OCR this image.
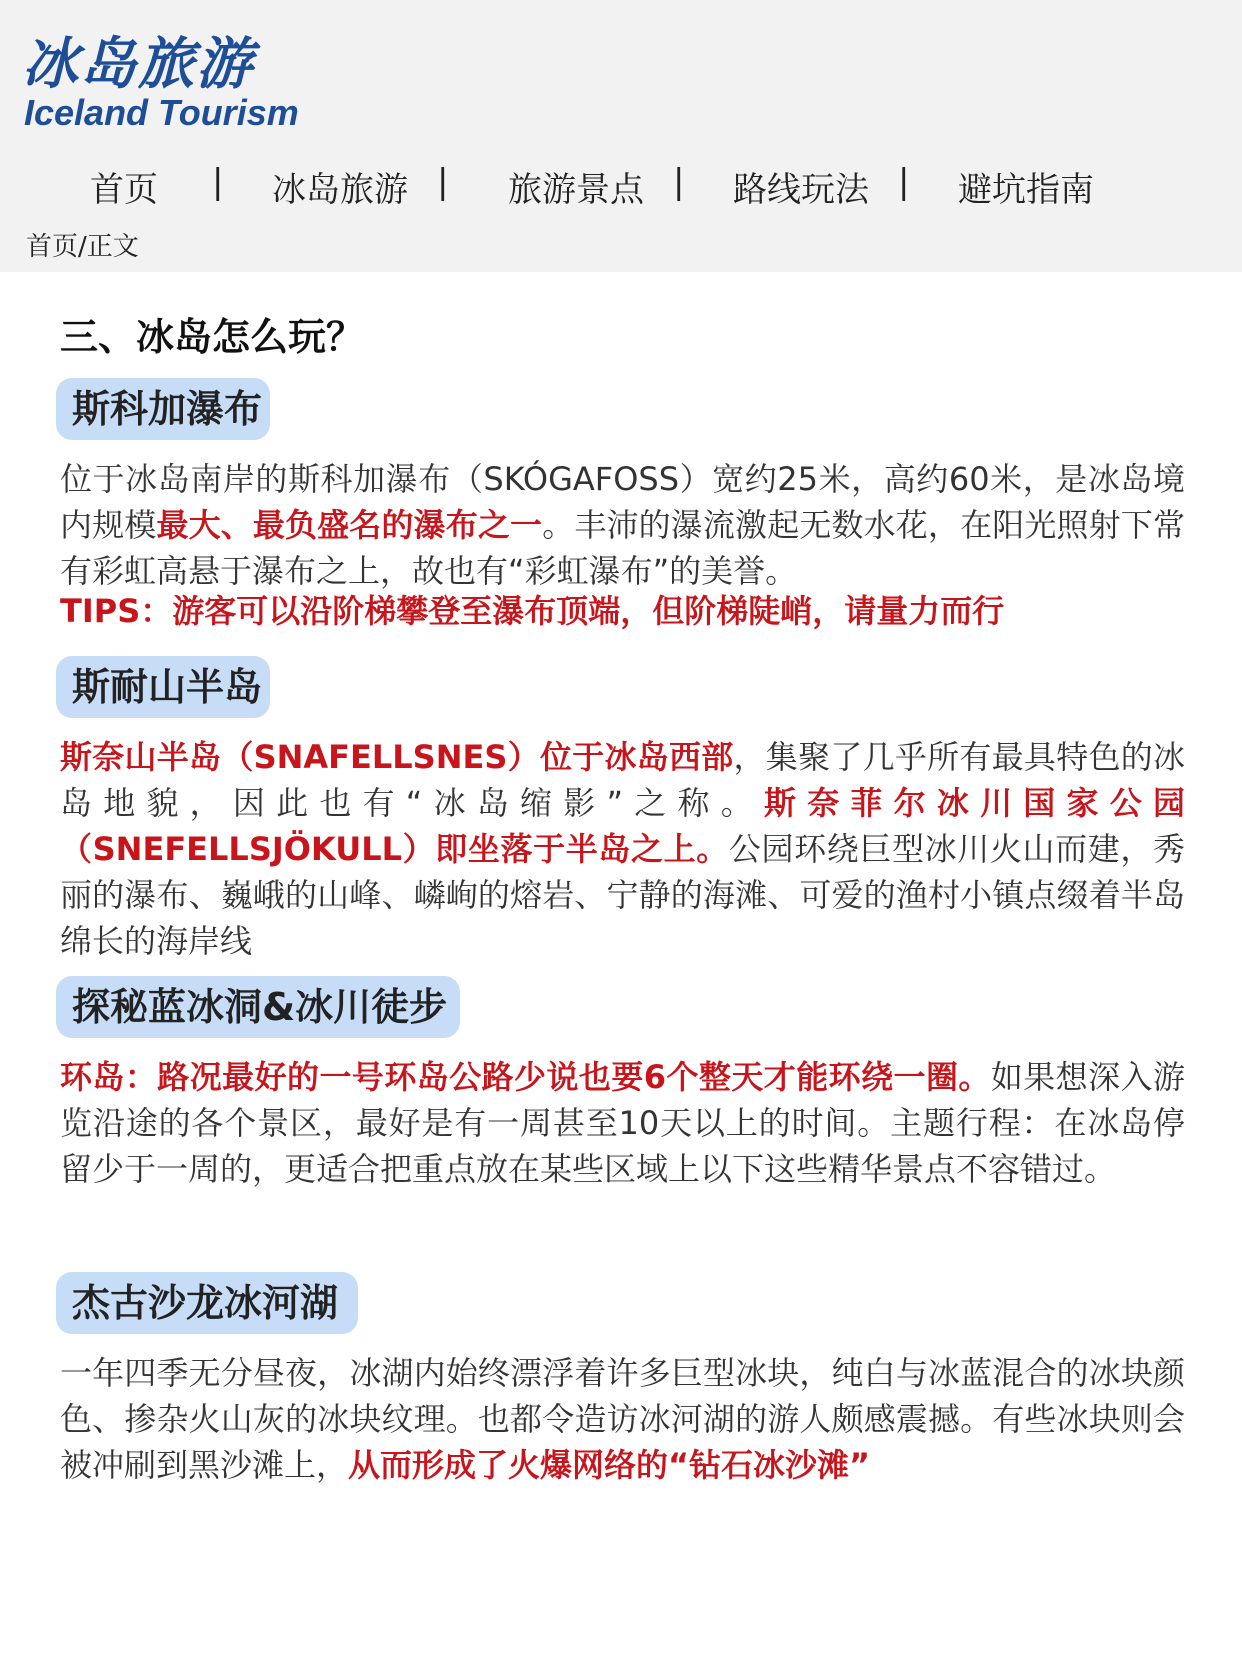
冰岛旅游
Iceland Tourism
首页 | 冰岛旅游 | 旅游景点 | 路线玩法 | 避坑指南
首页/正文
三、冰岛怎么玩？
斯科加瀑布
位于冰岛南岸的斯科加瀑布（SKÓGAFOSS）宽约25米，高约60米，是冰岛境内规模最大、最负盛名的瀑布之一。丰沛的瀑流激起无数水花，在阳光照射下常有彩虹高悬于瀑布之上，故也有“彩虹瀑布”的美誉。
TIPS：游客可以沿阶梯攀登至瀑布顶端，但阶梯陡峭，请量力而行
斯耐山半岛
斯奈山半岛（SNAFELLSNES）位于冰岛西部，集聚了几乎所有最具特色的冰岛地貌，因此也有“冰岛缩影”之称。斯奈菲尔冰川国家公园（SNEFELLSJÖKULL）即坐落于半岛之上。公园环绕巨型冰川火山而建，秀丽的瀑布、巍峨的山峰、嶙峋的熔岩、宁静的海滩、可爱的渔村小镇点缀着半岛绵长的海岸线
探秘蓝冰洞&冰川徒步
环岛：路况最好的一号环岛公路少说也要6个整天才能环绕一圈。如果想深入游览沿途的各个景区，最好是有一周甚至10天以上的时间。主题行程：在冰岛停留少于一周的，更适合把重点放在某些区域上以下这些精华景点不容错过。
杰古沙龙冰河湖
一年四季无分昼夜，冰湖内始终漂浮着许多巨型冰块，纯白与冰蓝混合的冰块颜色、掺杂火山灰的冰块纹理。也都令造访冰河湖的游人颇感震撼。有些冰块则会被冲刷到黑沙滩上，从而形成了火爆网络的“钻石冰沙滩”
